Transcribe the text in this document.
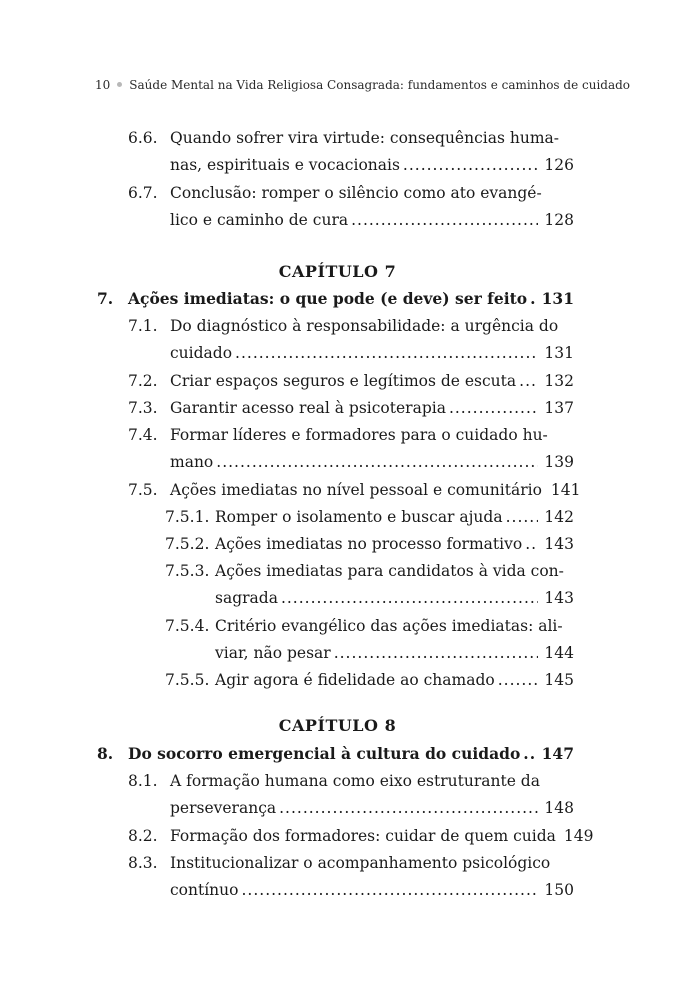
10 Saúde Mental na Vida Religiosa Consagrada: fundamentos e caminhos de cuidado
6.6. Quando sofrer vira virtude: consequências huma-
nas, espirituais e vocacionais .....	126
6.7. Conclusão: romper o silêncio como ato evangé-
lico e caminho de cura .....	128
CAPÍTULO 7
7. Ações imediatas: o que pode (e deve) ser feito ..... 131
7.1. Do diagnóstico à responsabilidade: a urgência do
cuidado .....	131
7.2. Criar espaços seguros e legítimos de escuta ..... 132
7.3. Garantir acesso real à psicoterapia .....	137
7.4. Formar líderes e formadores para o cuidado hu-
mano .....	139
7.5. Ações imediatas no nível pessoal e comunitário 141
7.5.1. Romper o isolamento e buscar ajuda .....	142
7.5.2. Ações imediatas no processo formativo ..... 143
7.5.3. Ações imediatas para candidatos à vida con-
sagrada .....	143
7.5.4. Critério evangélico das ações imediatas: ali-
viar, não pesar .....	144
7.5.5. Agir agora é fidelidade ao chamado .....	145
CAPÍTULO 8
8. Do socorro emergencial à cultura do cuidado ..... 147
8.1. A formação humana como eixo estruturante da
perseverança .....	148
8.2. Formação dos formadores: cuidar de quem cuida 149
8.3. Institucionalizar o acompanhamento psicológico
contínuo .....	150
